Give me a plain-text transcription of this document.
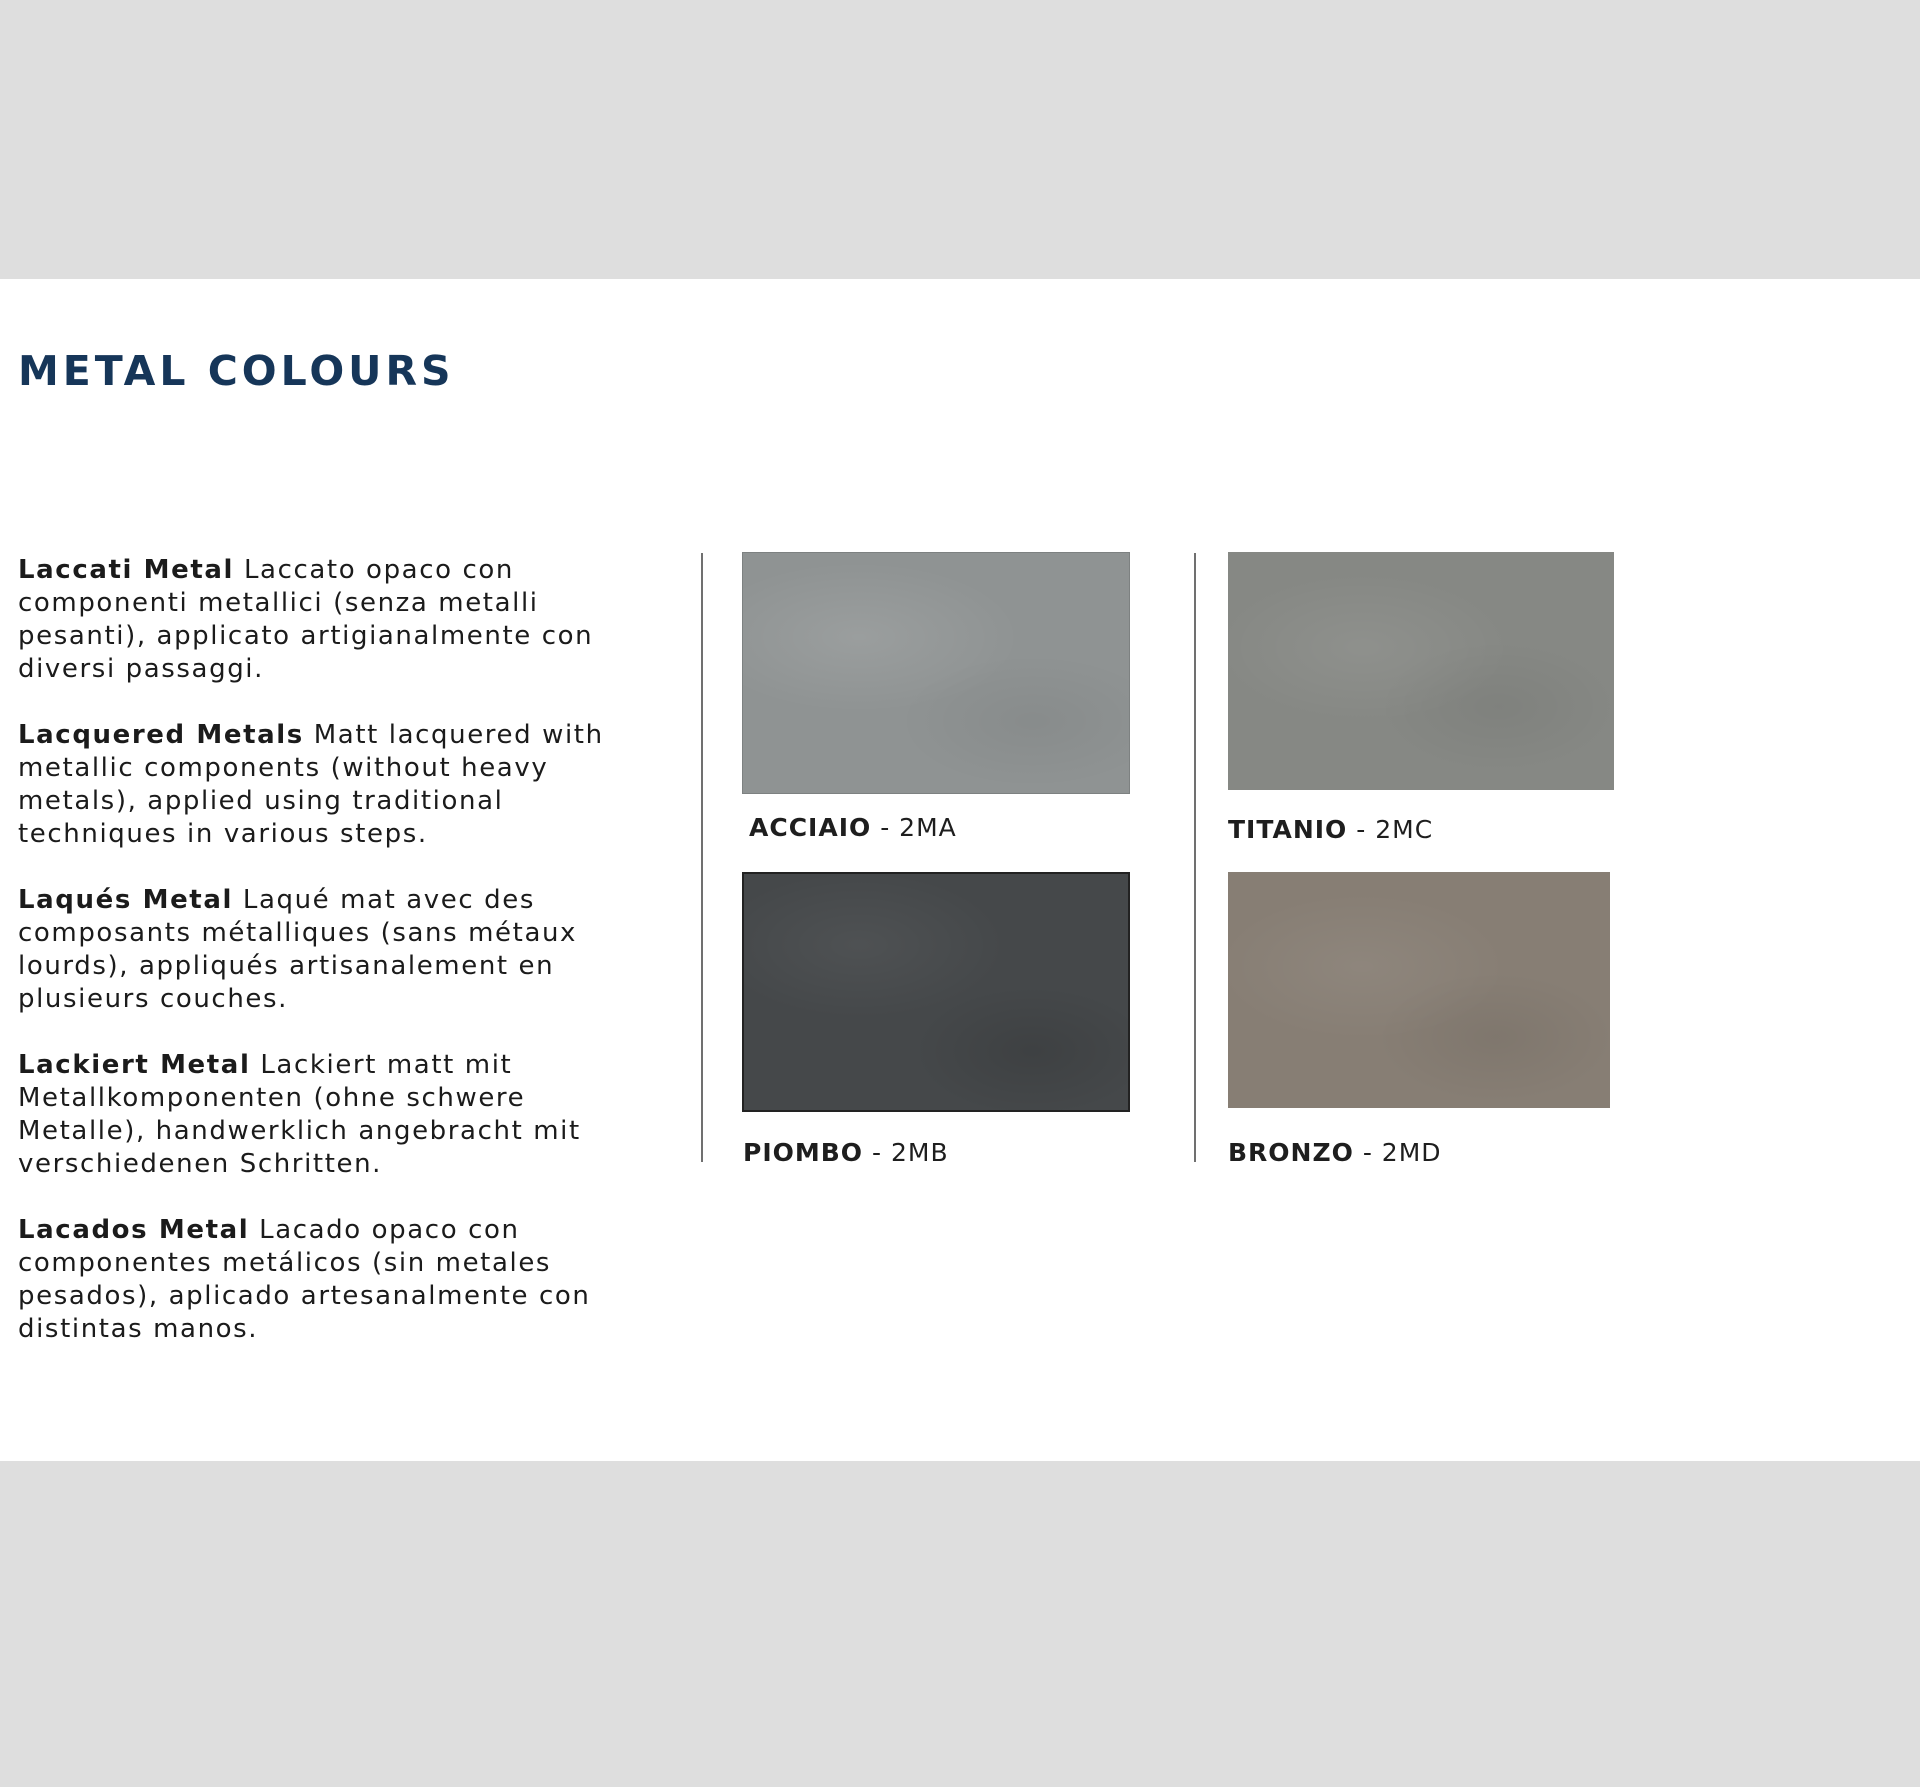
METAL COLOURS

Laccati Metal Laccato opaco con componenti metallici (senza metalli pesanti), applicato artigianalmente con diversi passaggi.

Lacquered Metals Matt lacquered with metallic components (without heavy metals), applied using traditional techniques in various steps.

Laqués Metal Laqué mat avec des composants métalliques (sans métaux lourds), appliqués artisanalement en plusieurs couches.

Lackiert Metal Lackiert matt mit Metallkomponenten (ohne schwere Metalle), handwerklich angebracht mit verschiedenen Schritten.

Lacados Metal Lacado opaco con componentes metálicos (sin metales pesados), aplicado artesanalmente con distintas manos.

ACCIAIO - 2MA	TITANIO - 2MC

PIOMBO - 2MB	BRONZO - 2MD
